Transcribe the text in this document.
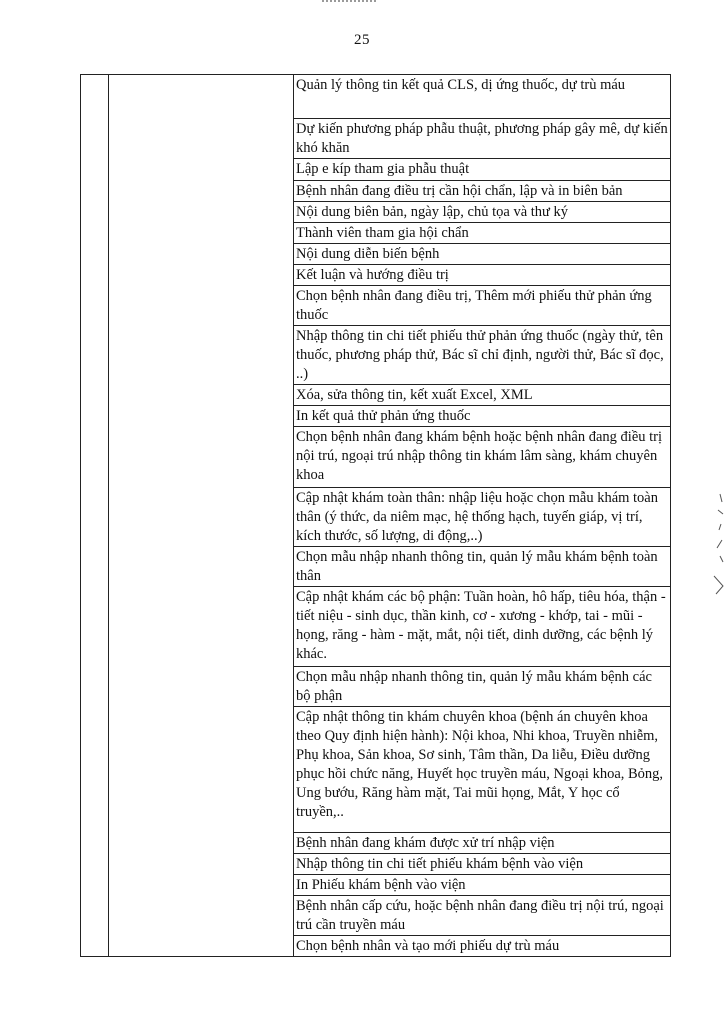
25

Quản lý thông tin kết quả CLS, dị ứng thuốc, dự trù máu

Dự kiến phương pháp phẫu thuật, phương pháp gây mê, dự kiến khó khăn

Lập e kíp tham gia phẫu thuật

Bệnh nhân đang điều trị cần hội chẩn, lập và in biên bản

Nội dung biên bản, ngày lập, chủ tọa và thư ký

Thành viên tham gia hội chẩn

Nội dung diễn biến bệnh

Kết luận và hướng điều trị

Chọn bệnh nhân đang điều trị, Thêm mới phiếu thử phản ứng thuốc

Nhập thông tin chi tiết phiếu thử phản ứng thuốc (ngày thử, tên thuốc, phương pháp thử, Bác sĩ chỉ định, người thử, Bác sĩ đọc, ..)

Xóa, sửa thông tin, kết xuất Excel, XML

In kết quả thử phản ứng thuốc

Chọn bệnh nhân đang khám bệnh hoặc bệnh nhân đang điều trị nội trú, ngoại trú nhập thông tin khám lâm sàng, khám chuyên khoa

Cập nhật khám toàn thân: nhập liệu hoặc chọn mẫu khám toàn thân (ý thức, da niêm mạc, hệ thống hạch, tuyến giáp, vị trí, kích thước, số lượng, di động,..)

Chọn mẫu nhập nhanh thông tin, quản lý mẫu khám bệnh toàn thân

Cập nhật khám các bộ phận: Tuần hoàn, hô hấp, tiêu hóa, thận - tiết niệu - sinh dục, thần kinh, cơ - xương - khớp, tai - mũi - họng, răng - hàm - mặt, mắt, nội tiết, dinh dưỡng, các bệnh lý khác.

Chọn mẫu nhập nhanh thông tin, quản lý mẫu khám bệnh các bộ phận

Cập nhật thông tin khám chuyên khoa (bệnh án chuyên khoa theo Quy định hiện hành): Nội khoa, Nhi khoa, Truyền nhiễm, Phụ khoa, Sản khoa, Sơ sinh, Tâm thần, Da liễu, Điều dưỡng phục hồi chức năng, Huyết học truyền máu, Ngoại khoa, Bỏng, Ung bướu, Răng hàm mặt, Tai mũi họng, Mắt, Y học cổ truyền,..

Bệnh nhân đang khám được xử trí nhập viện

Nhập thông tin chi tiết phiếu khám bệnh vào viện

In Phiếu khám bệnh vào viện

Bệnh nhân cấp cứu, hoặc bệnh nhân đang điều trị nội trú, ngoại trú cần truyền máu

Chọn bệnh nhân và tạo mới phiếu dự trù máu
